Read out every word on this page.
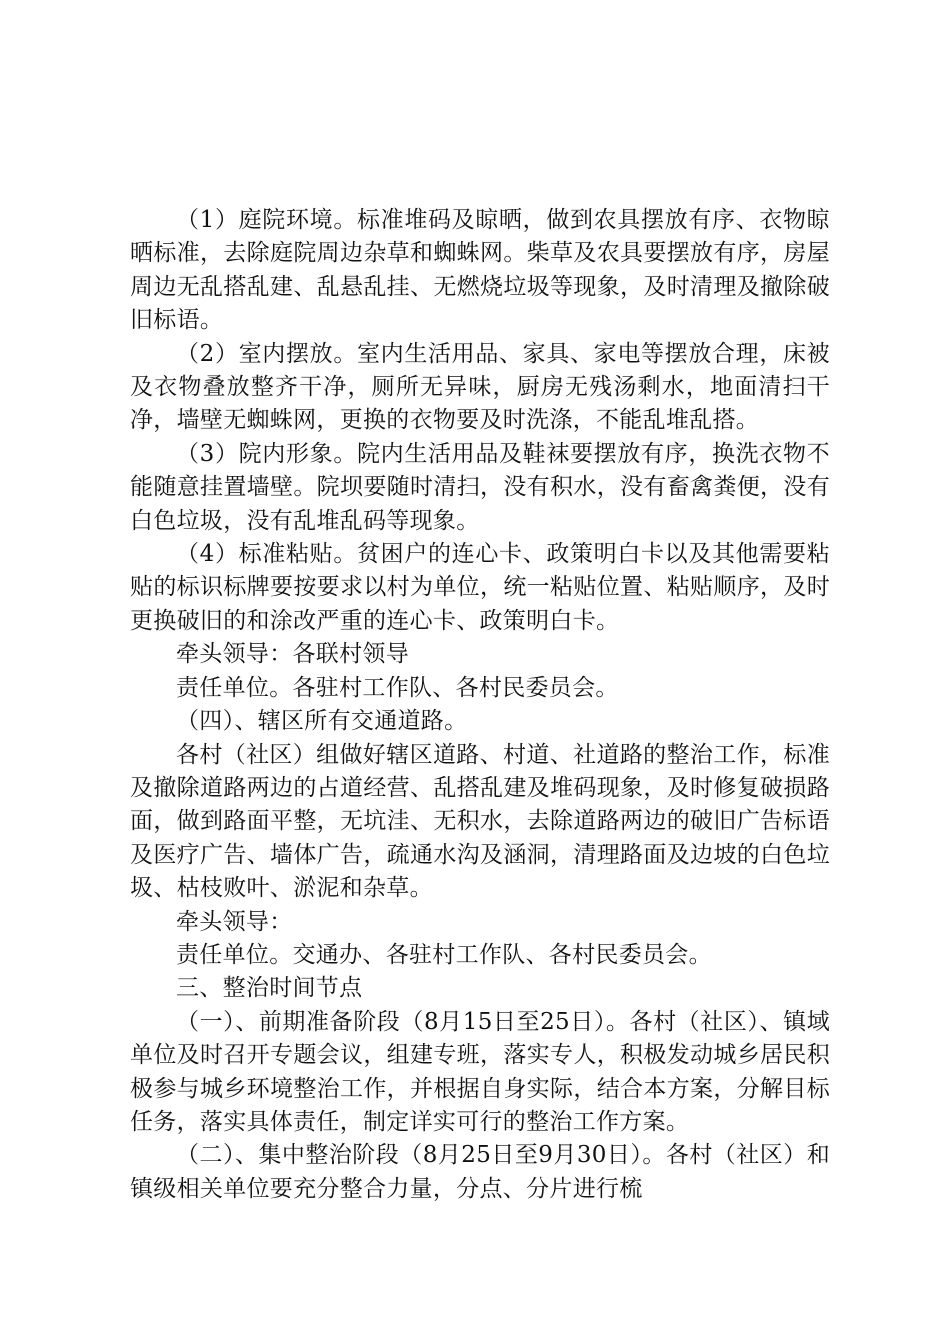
（1）庭院环境。标准堆码及晾晒，做到农具摆放有序、衣物晾晒标准，去除庭院周边杂草和蜘蛛网。柴草及农具要摆放有序，房屋周边无乱搭乱建、乱悬乱挂、无燃烧垃圾等现象，及时清理及撤除破旧标语。

（2）室内摆放。室内生活用品、家具、家电等摆放合理，床被及衣物叠放整齐干净，厕所无异味，厨房无残汤剩水，地面清扫干净，墙壁无蜘蛛网，更换的衣物要及时洗涤，不能乱堆乱搭。

（3）院内形象。院内生活用品及鞋袜要摆放有序，换洗衣物不能随意挂置墙壁。院坝要随时清扫，没有积水，没有畜禽粪便，没有白色垃圾，没有乱堆乱码等现象。

（4）标准粘贴。贫困户的连心卡、政策明白卡以及其他需要粘贴的标识标牌要按要求以村为单位，统一粘贴位置、粘贴顺序，及时更换破旧的和涂改严重的连心卡、政策明白卡。

牵头领导：各联村领导

责任单位。各驻村工作队、各村民委员会。

（四）、辖区所有交通道路。

各村（社区）组做好辖区道路、村道、社道路的整治工作，标准及撤除道路两边的占道经营、乱搭乱建及堆码现象，及时修复破损路面，做到路面平整，无坑洼、无积水，去除道路两边的破旧广告标语及医疗广告、墙体广告，疏通水沟及涵洞，清理路面及边坡的白色垃圾、枯枝败叶、淤泥和杂草。

牵头领导：

责任单位。交通办、各驻村工作队、各村民委员会。

三、整治时间节点

（一）、前期准备阶段（8月15日至25日）。各村（社区）、镇域单位及时召开专题会议，组建专班，落实专人，积极发动城乡居民积极参与城乡环境整治工作，并根据自身实际，结合本方案，分解目标任务，落实具体责任，制定详实可行的整治工作方案。

（二）、集中整治阶段（8月25日至9月30日）。各村（社区）和镇级相关单位要充分整合力量，分点、分片进行梳
